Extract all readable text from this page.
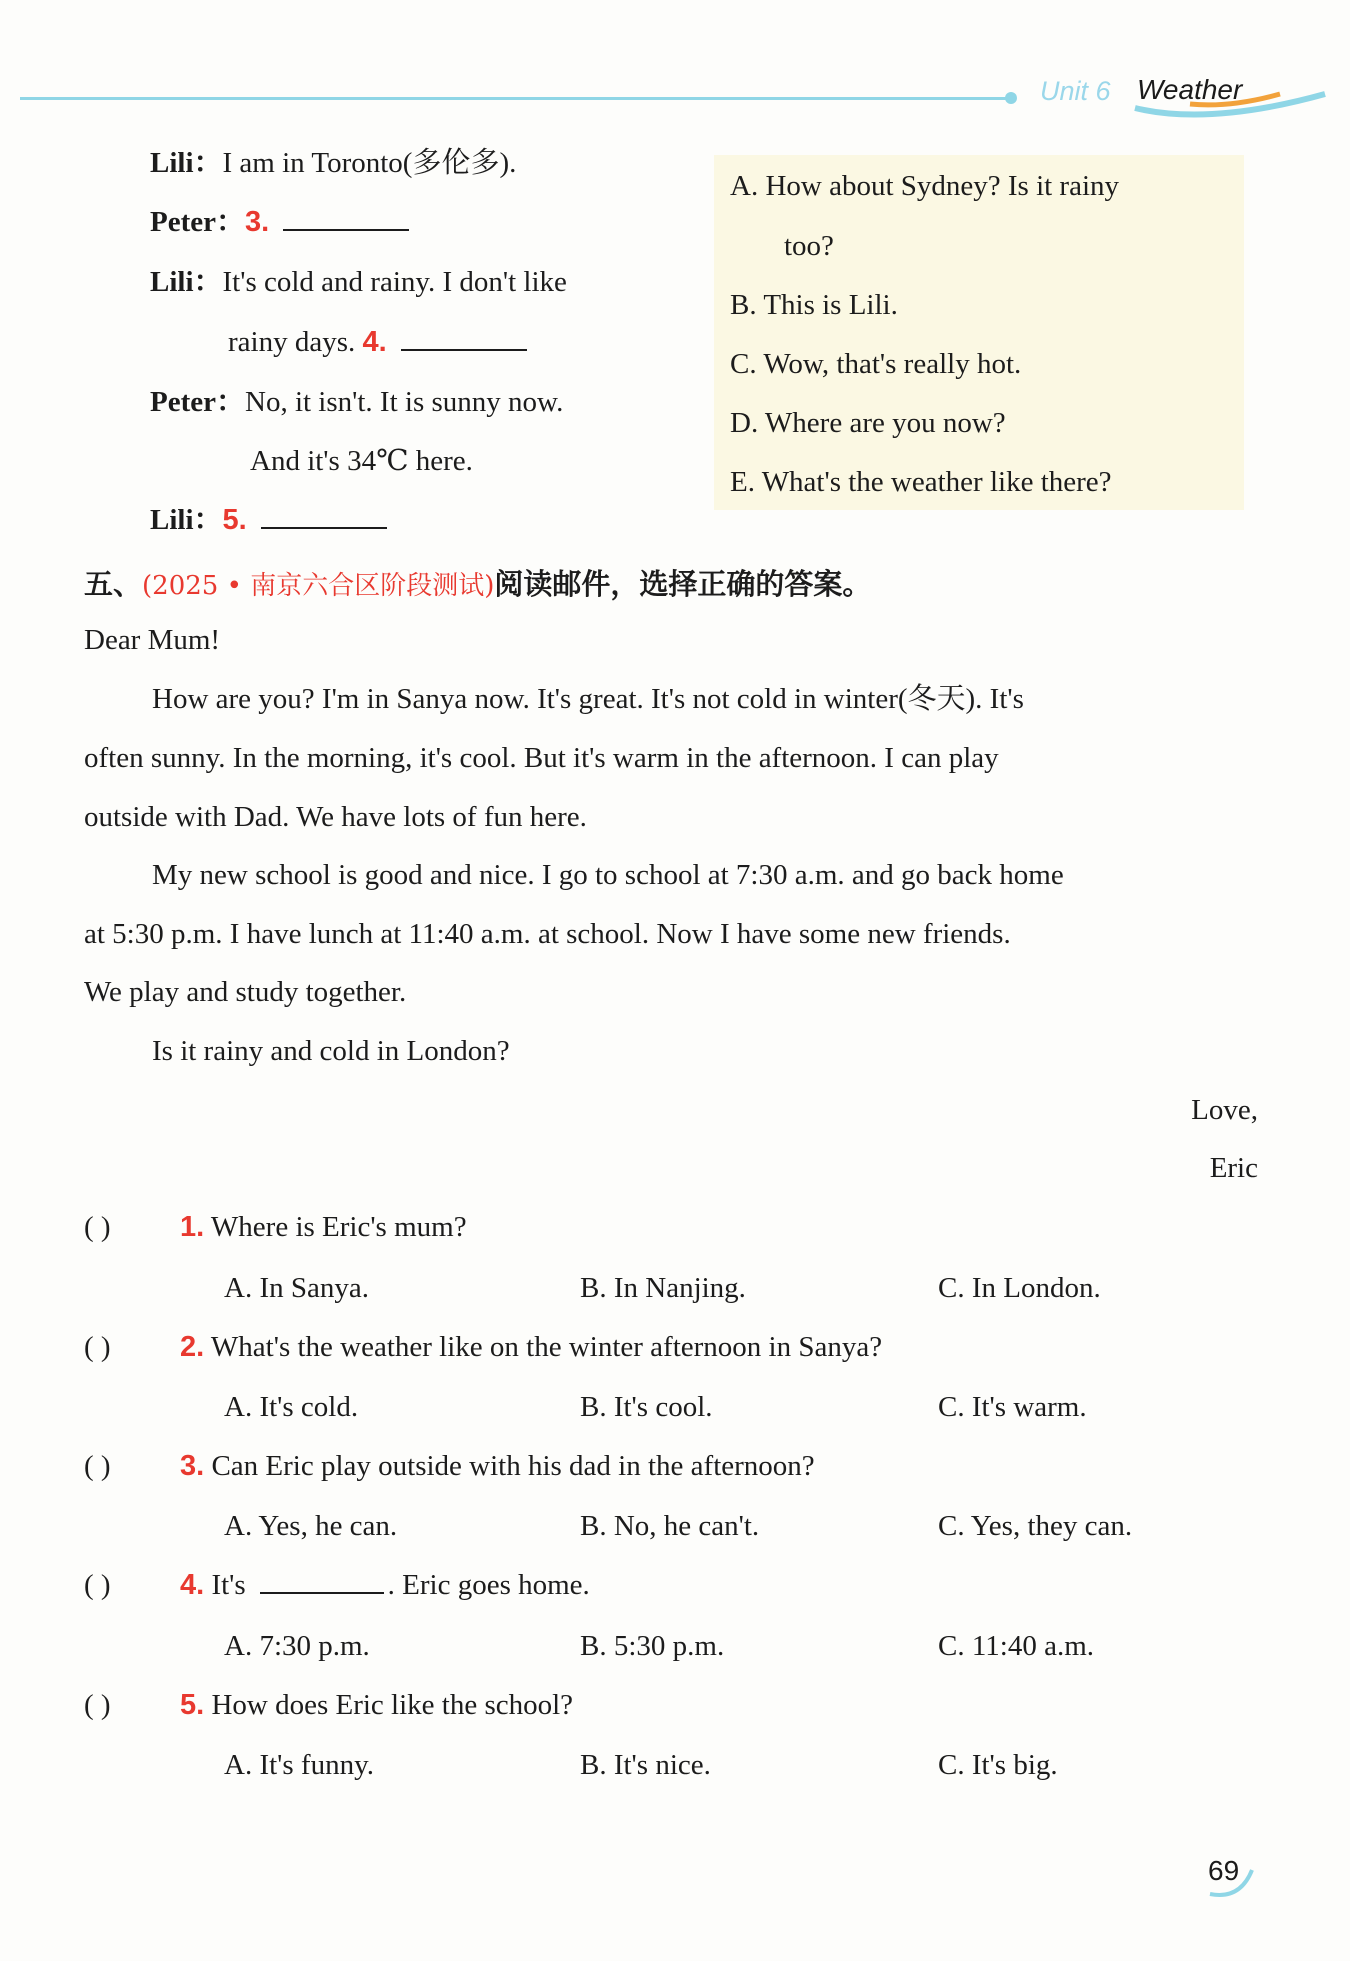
Unit 6 Weather
Lili：I am in Toronto(多伦多).
Peter：3.
Lili：It's cold and rainy. I don't like
rainy days. 4.
Peter：No, it isn't. It is sunny now.
And it's 34℃ here.
Lili：5.
A. How about Sydney? Is it rainy
too?
B. This is Lili.
C. Wow, that's really hot.
D. Where are you now?
E. What's the weather like there?
五、(2025 • 南京六合区阶段测试)阅读邮件，选择正确的答案。
Dear Mum!
How are you? I'm in Sanya now. It's great. It's not cold in winter(冬天). It's
often sunny. In the morning, it's cool. But it's warm in the afternoon. I can play
outside with Dad. We have lots of fun here.
My new school is good and nice. I go to school at 7:30 a.m. and go back home
at 5:30 p.m. I have lunch at 11:40 a.m. at school. Now I have some new friends.
We play and study together.
Is it rainy and cold in London?
Love,
Eric
( ) 1. Where is Eric's mum?
A. In Sanya.	B. In Nanjing.	C. In London.
( ) 2. What's the weather like on the winter afternoon in Sanya?
A. It's cold.	B. It's cool.	C. It's warm.
( ) 3. Can Eric play outside with his dad in the afternoon?
A. Yes, he can.	B. No, he can't.	C. Yes, they can.
( ) 4. It's	. Eric goes home.
A. 7:30 p.m.	B. 5:30 p.m.	C. 11:40 a.m.
( ) 5. How does Eric like the school?
A. It's funny.	B. It's nice.	C. It's big.
69
